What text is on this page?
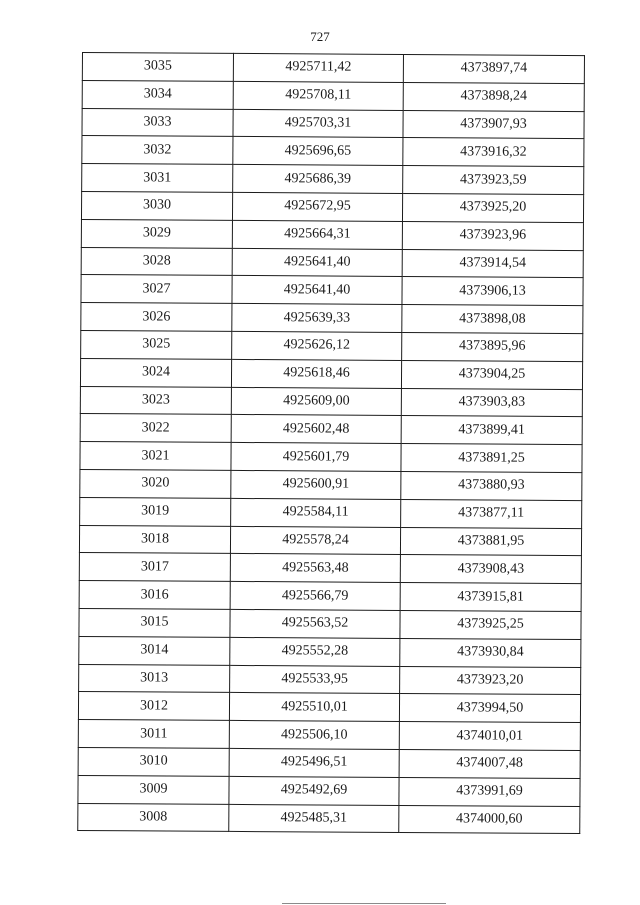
727
3035	4925711,42	4373897,74
3034	4925708,11	4373898,24
3033	4925703,31	4373907,93
3032	4925696,65	4373916,32
3031	4925686,39	4373923,59
3030	4925672,95	4373925,20
3029	4925664,31	4373923,96
3028	4925641,40	4373914,54
3027	4925641,40	4373906,13
3026	4925639,33	4373898,08
3025	4925626,12	4373895,96
3024	4925618,46	4373904,25
3023	4925609,00	4373903,83
3022	4925602,48	4373899,41
3021	4925601,79	4373891,25
3020	4925600,91	4373880,93
3019	4925584,11	4373877,11
3018	4925578,24	4373881,95
3017	4925563,48	4373908,43
3016	4925566,79	4373915,81
3015	4925563,52	4373925,25
3014	4925552,28	4373930,84
3013	4925533,95	4373923,20
3012	4925510,01	4373994,50
3011	4925506,10	4374010,01
3010	4925496,51	4374007,48
3009	4925492,69	4373991,69
3008	4925485,31	4374000,60
